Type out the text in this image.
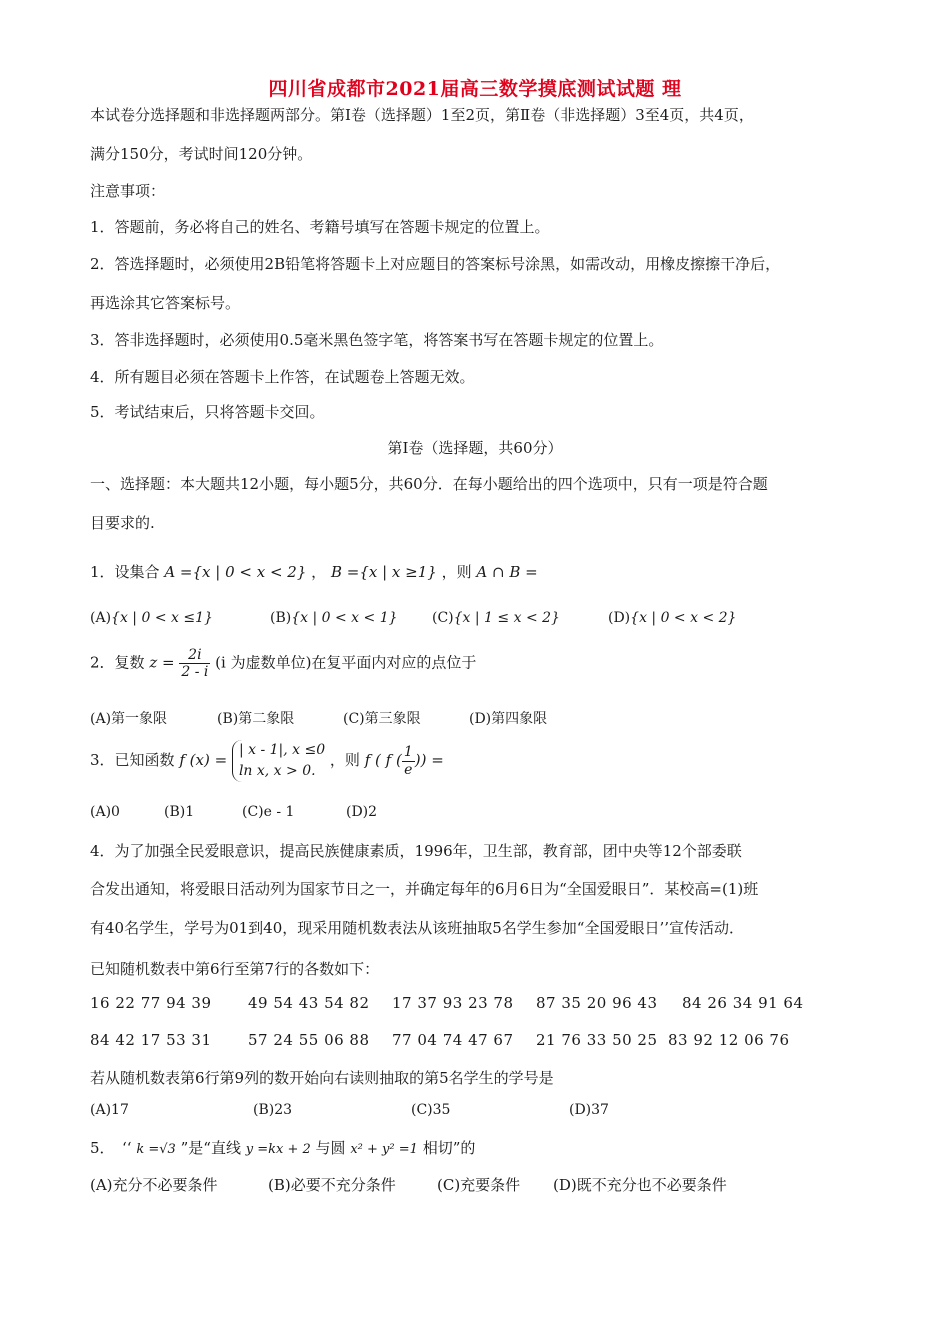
四川省成都市2021届高三数学摸底测试试题 理
本试卷分选择题和非选择题两部分。第Ⅰ卷（选择题）1至2页，第Ⅱ卷（非选择题）3至4页，共4页，
满分150分，考试时间120分钟。
注意事项：
1．答题前，务必将自己的姓名、考籍号填写在答题卡规定的位置上。
2．答选择题时，必须使用2B铅笔将答题卡上对应题目的答案标号涂黑，如需改动，用橡皮擦擦干净后，
再选涂其它答案标号。
3．答非选择题时，必须使用0.5毫米黑色签字笔，将答案书写在答题卡规定的位置上。
4．所有题目必须在答题卡上作答，在试题卷上答题无效。
5．考试结束后，只将答题卡交回。
第Ⅰ卷（选择题，共60分）
一、选择题：本大题共12小题，每小题5分，共60分．在每小题给出的四个选项中，只有一项是符合题
目要求的.
1．设集合 A ={x | 0 < x < 2} ， B ={x | x ≥1} ，则 A ∩ B =
(A){x | 0 < x ≤1}	(B){x | 0 < x < 1} (C){x | 1 ≤ x < 2}	(D){x | 0 < x < 2}
2．复数 $z = \frac{2i}{2 - i} (i$ 为虚数单位)在复平面内对应的点位于
(A)第一象限	(B)第二象限	(C)第三象限	(D)第四象限
3．已知函数 f (x) =
| x - 1|, x ≤0
ln x, x > 0.
，则 f ( f ( $\frac{1}{e}$ )) =
(A)0	(B)1	(C)e - 1	(D)2
4．为了加强全民爱眼意识，提高民族健康素质，1996年，卫生部，教育部，团中央等12个部委联
合发出通知，将爱眼日活动列为国家节日之一，并确定每年的6月6日为“全国爱眼日”．某校高=(1)班
有40名学生，学号为01到40，现采用随机数表法从该班抽取5名学生参加“全国爱眼日’’宣传活动．
已知随机数表中第6行至第7行的各数如下：
16 22 77 94 39 49 54 43 54 82 17 37 93 23 78 87 35 20 96 43 84 26 34 91 64
84 42 17 53 31 57 24 55 06 88 77 04 74 47 67 21 76 33 50 25 83 92 12 06 76
若从随机数表第6行第9列的数开始向右读则抽取的第5名学生的学号是
(A)17	(B)23	(C)35	(D)37
5．　‘‘ k =√3 ”是“直线 y =kx + 2 与圆 x² + y² =1 相切”的
(A)充分不必要条件	(B)必要不充分条件	(C)充要条件 (D)既不充分也不必要条件
